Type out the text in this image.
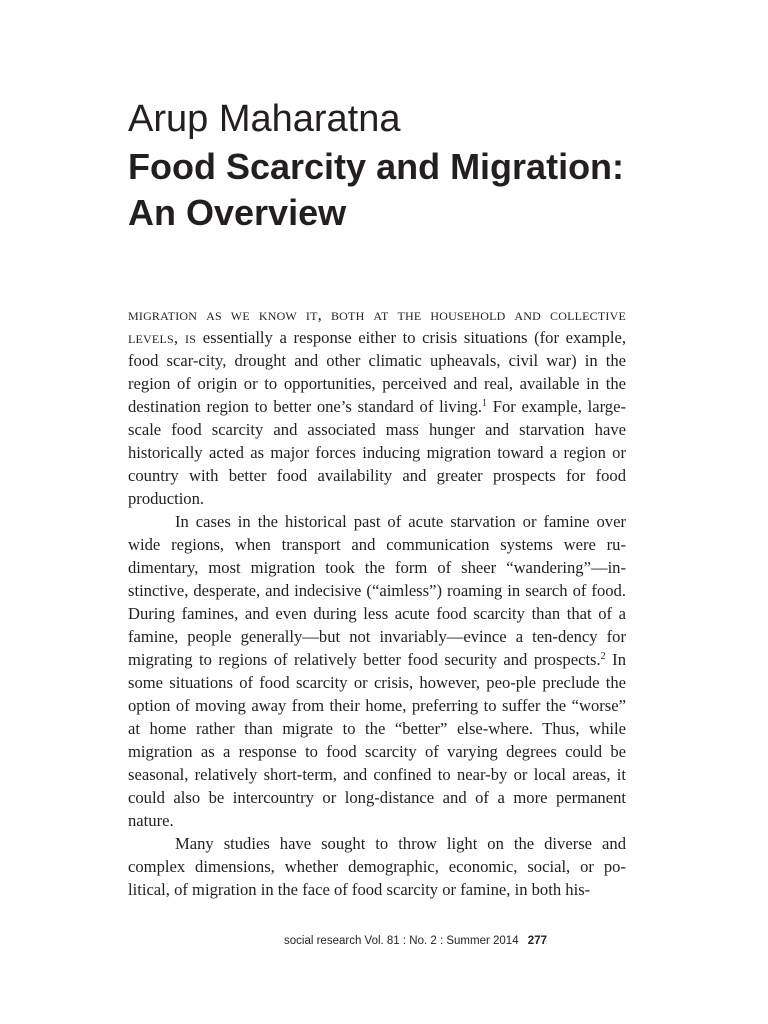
Arup Maharatna
Food Scarcity and Migration: An Overview

migration as we know it, both at the household and collective levels, is essentially a response either to crisis situations (for example, food scar-city, drought and other climatic upheavals, civil war) in the region of origin or to opportunities, perceived and real, available in the destination region to better one’s standard of living.$^1$ For example, large-scale food scarcity and associated mass hunger and starvation have historically acted as major forces inducing migration toward a region or country with better food availability and greater prospects for food production.

In cases in the historical past of acute starvation or famine over wide regions, when transport and communication systems were ru-dimentary, most migration took the form of sheer “wandering”—in-stinctive, desperate, and indecisive (“aimless”) roaming in search of food. During famines, and even during less acute food scarcity than that of a famine, people generally—but not invariably—evince a ten-dency for migrating to regions of relatively better food security and prospects.$^2$ In some situations of food scarcity or crisis, however, peo-ple preclude the option of moving away from their home, preferring to suffer the “worse” at home rather than migrate to the “better” else-where. Thus, while migration as a response to food scarcity of varying degrees could be seasonal, relatively short-term, and confined to near-by or local areas, it could also be intercountry or long-distance and of a more permanent nature.

Many studies have sought to throw light on the diverse and complex dimensions, whether demographic, economic, social, or po-litical, of migration in the face of food scarcity or famine, in both his-

social research Vol. 81 : No. 2 : Summer 2014 277
